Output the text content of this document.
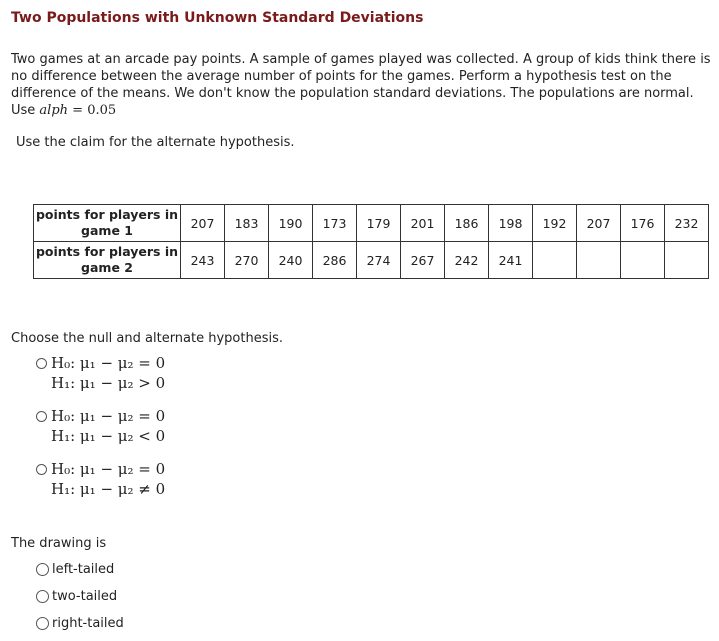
Two Populations with Unknown Standard Deviations
Two games at an arcade pay points. A sample of games played was collected. A group of kids think there is no difference between the average number of points for the games. Perform a hypothesis test on the difference of the means. We don't know the population standard deviations. The populations are normal.
Use alph = 0.05
Use the claim for the alternate hypothesis.
points for players in game 1	207	183	190	173	179	201	186	198	192	207	176	232
points for players in game 2	243	270	240	286	274	267	242	241				
Choose the null and alternate hypothesis.
H₀: μ₁ − μ₂ = 0
H₁: μ₁ − μ₂ > 0
H₀: μ₁ − μ₂ = 0
H₁: μ₁ − μ₂ < 0
H₀: μ₁ − μ₂ = 0
H₁: μ₁ − μ₂ ≠ 0
The drawing is
left-tailed
two-tailed
right-tailed
